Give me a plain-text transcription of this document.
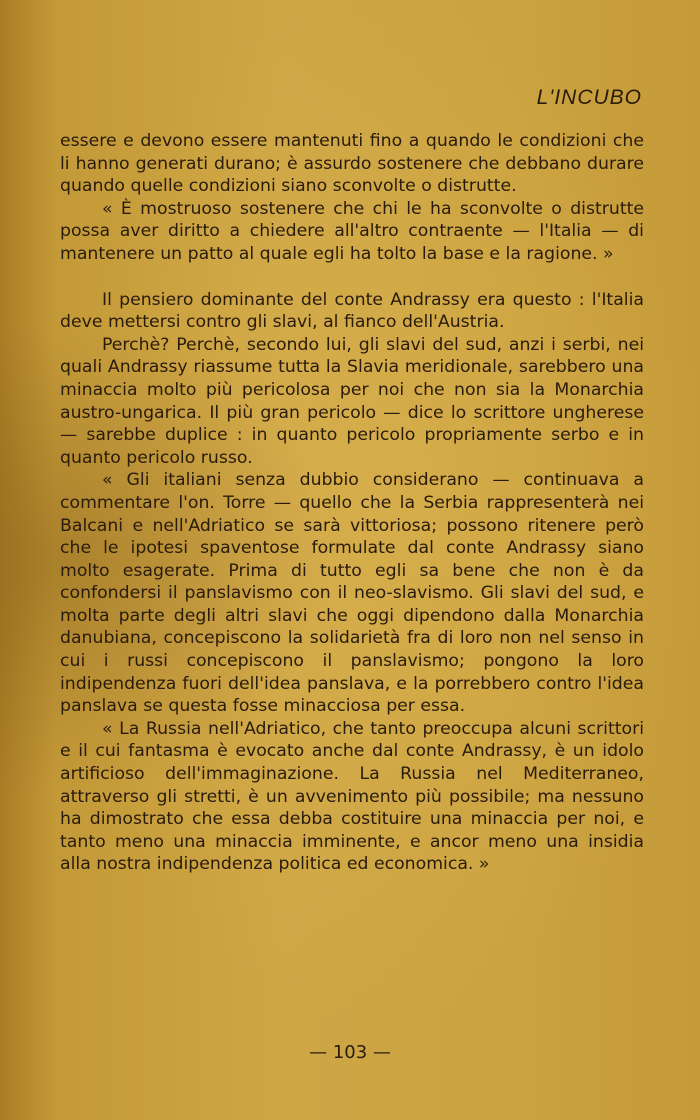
L'INCUBO

essere e devono essere mantenuti fino a quando le condizioni che li hanno generati durano; è assurdo sostenere che debbano durare quando quelle condizioni siano sconvolte o distrutte.

« È mostruoso sostenere che chi le ha sconvolte o distrutte possa aver diritto a chiedere all'altro contraente — l'Italia — di mantenere un patto al quale egli ha tolto la base e la ragione. »

Il pensiero dominante del conte Andrassy era questo : l'Italia deve mettersi contro gli slavi, al fianco dell'Austria.

Perchè? Perchè, secondo lui, gli slavi del sud, anzi i serbi, nei quali Andrassy riassume tutta la Slavia meridionale, sarebbero una minaccia molto più pericolosa per noi che non sia la Monarchia austro-ungarica. Il più gran pericolo — dice lo scrittore ungherese — sarebbe duplice : in quanto pericolo propriamente serbo e in quanto pericolo russo.

« Gli italiani senza dubbio considerano — continuava a commentare l'on. Torre — quello che la Serbia rappresenterà nei Balcani e nell'Adriatico se sarà vittoriosa; possono ritenere però che le ipotesi spaventose formulate dal conte Andrassy siano molto esagerate. Prima di tutto egli sa bene che non è da confondersi il panslavismo con il neo-slavismo. Gli slavi del sud, e molta parte degli altri slavi che oggi dipendono dalla Monarchia danubiana, concepiscono la solidarietà fra di loro non nel senso in cui i russi concepiscono il panslavismo; pongono la loro indipendenza fuori dell'idea panslava, e la porrebbero contro l'idea panslava se questa fosse minacciosa per essa.

« La Russia nell'Adriatico, che tanto preoccupa alcuni scrittori e il cui fantasma è evocato anche dal conte Andrassy, è un idolo artificioso dell'immaginazione. La Russia nel Mediterraneo, attraverso gli stretti, è un avvenimento più possibile; ma nessuno ha dimostrato che essa debba costituire una minaccia per noi, e tanto meno una minaccia imminente, e ancor meno una insidia alla nostra indipendenza politica ed economica. »

— 103 —
